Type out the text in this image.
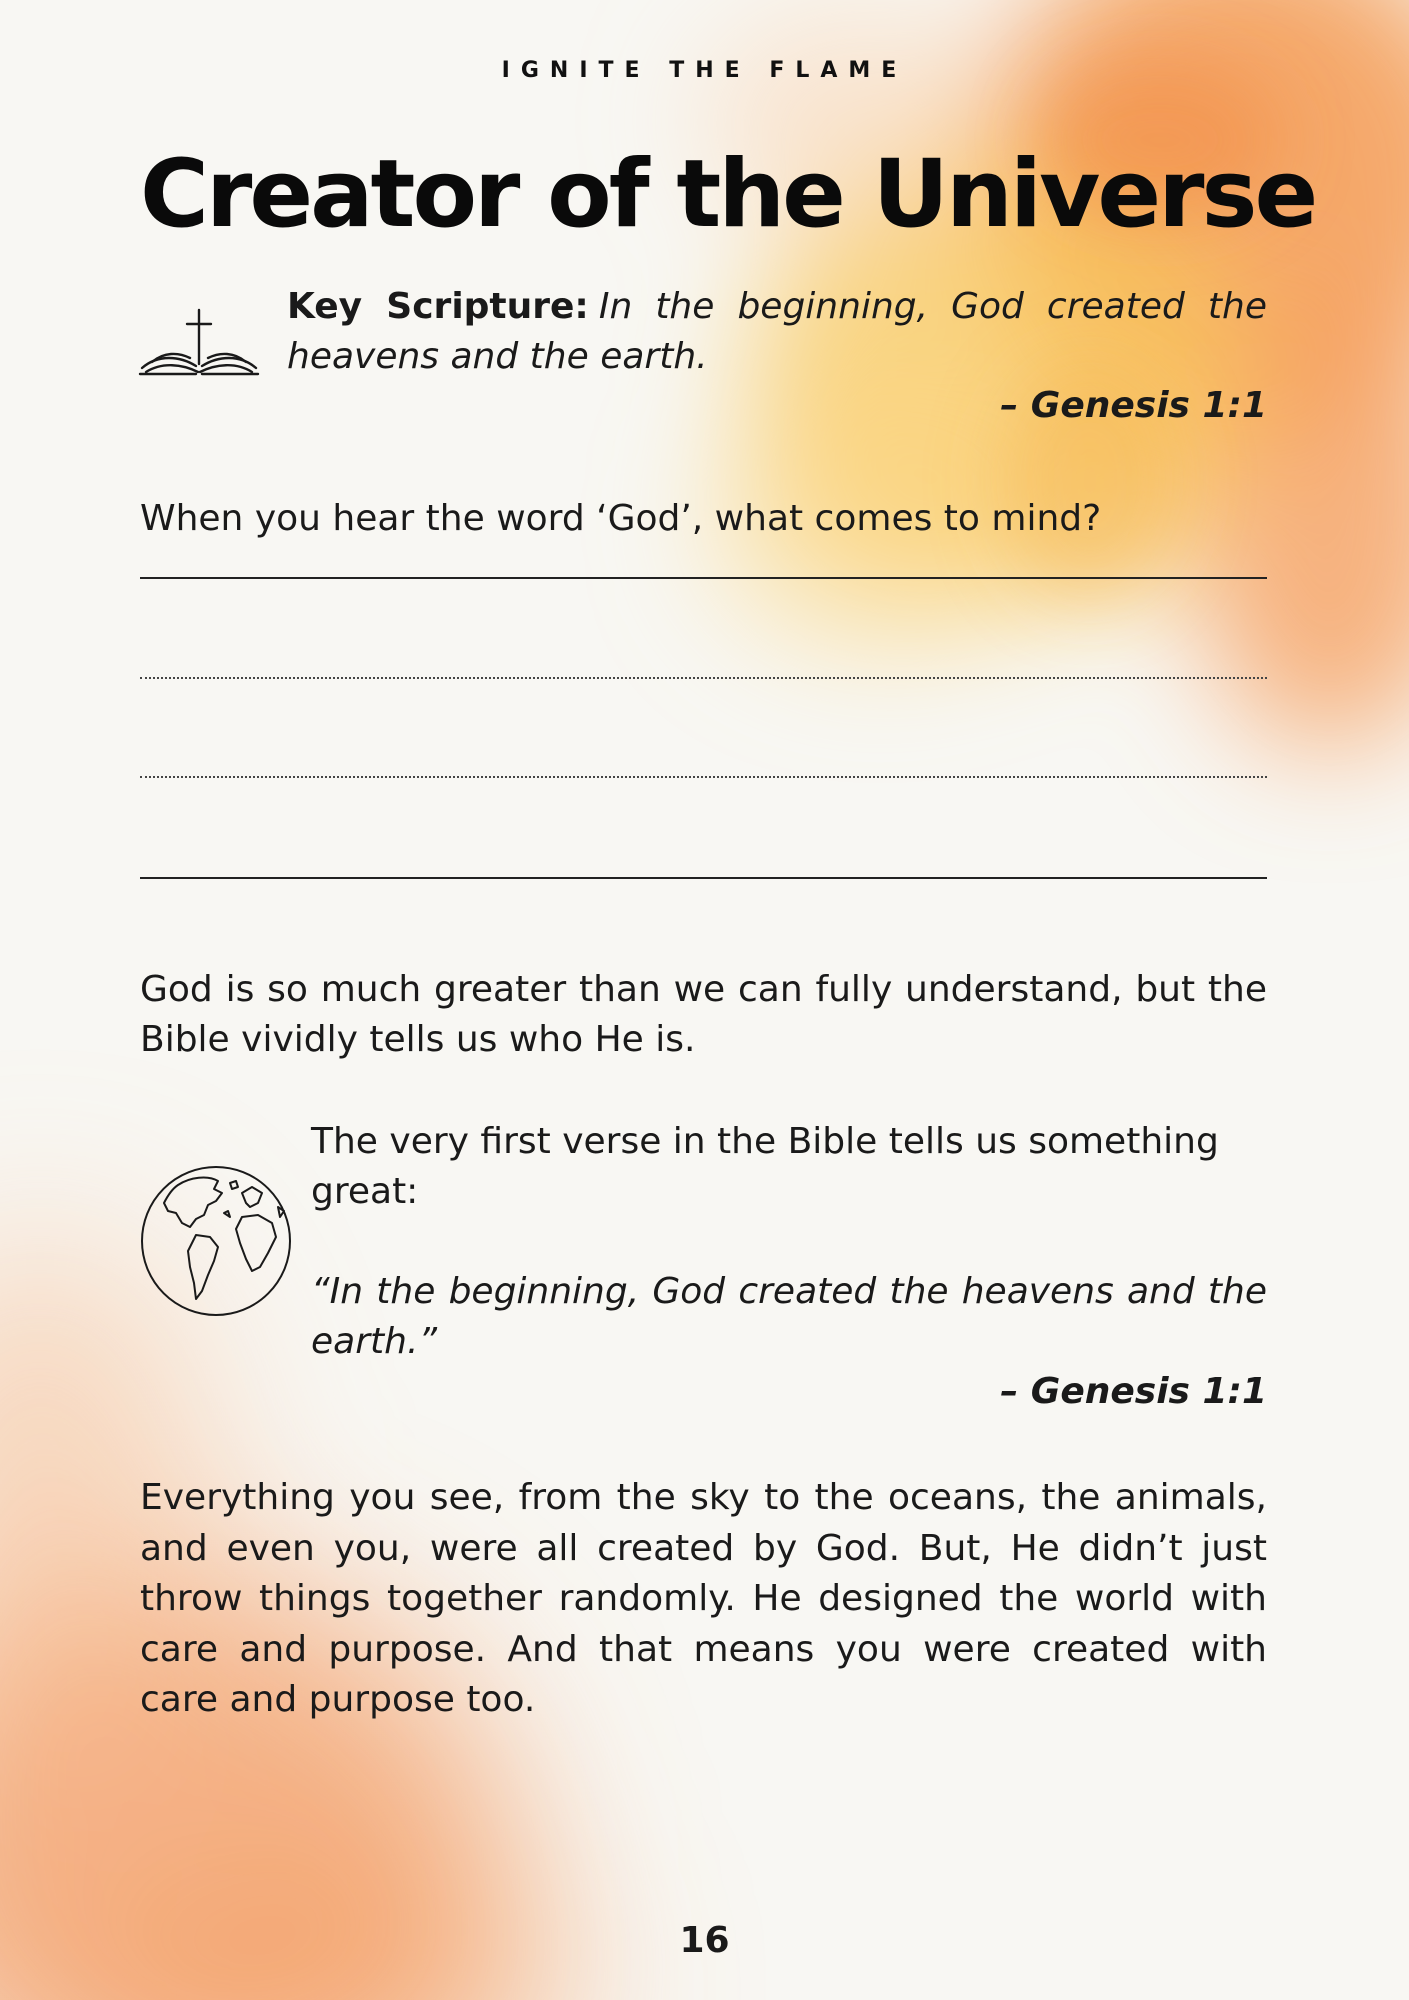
IGNITE THE FLAME
Creator of the Universe
Key Scripture: In the beginning, God created the heavens and the earth.
– Genesis 1:1
When you hear the word ‘God’, what comes to mind?
God is so much greater than we can fully understand, but the Bible vividly tells us who He is.
The very first verse in the Bible tells us something great:
“In the beginning, God created the heavens and the earth.”
– Genesis 1:1
Everything you see, from the sky to the oceans, the animals, and even you, were all created by God. But, He didn’t just throw things together randomly. He designed the world with care and purpose. And that means you were created with care and purpose too.
16
